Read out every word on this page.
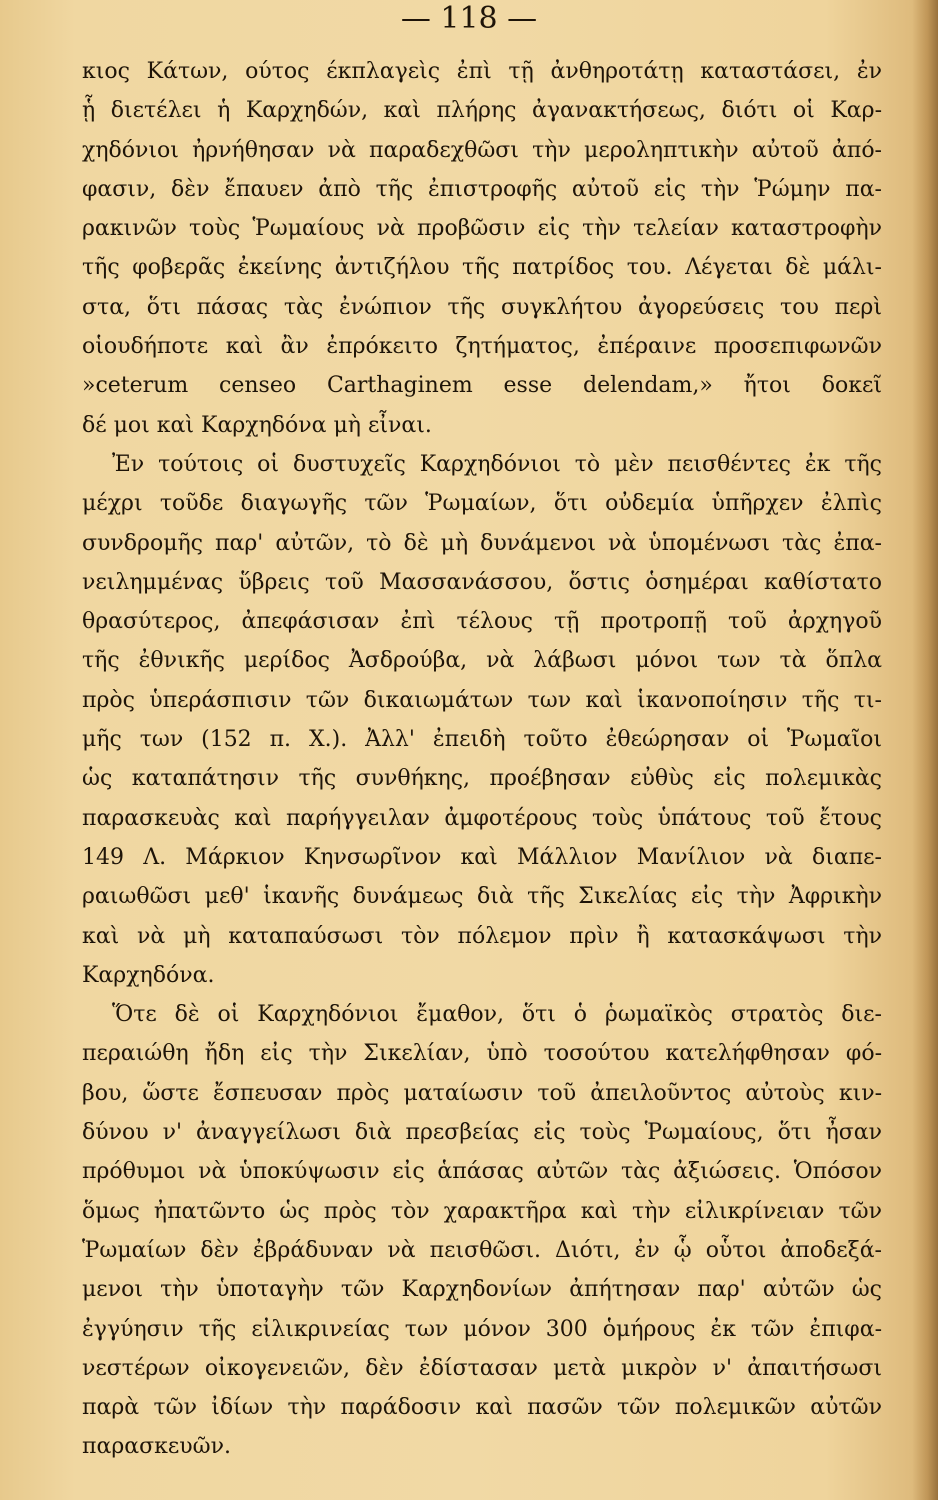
— 118 —
κιος Κάτων, ούτος έκπλαγεὶς ἐπὶ τῇ ἀνθηροτάτῃ καταστάσει, ἐν
ᾗ διετέλει ἡ Καρχηδών, καὶ πλήρης ἀγανακτήσεως, διότι οἱ Καρ-
χηδόνιοι ἠρνήθησαν νὰ παραδεχθῶσι τὴν μεροληπτικὴν αὐτοῦ ἀπό-
φασιν, δὲν ἔπαυεν ἀπὸ τῆς ἐπιστροφῆς αὐτοῦ εἰς τὴν Ῥώμην πα-
ρακινῶν τοὺς Ῥωμαίους νὰ προβῶσιν εἰς τὴν τελείαν καταστροφὴν
τῆς φοβερᾶς ἐκείνης ἀντιζήλου τῆς πατρίδος του. Λέγεται δὲ μάλι-
στα, ὅτι πάσας τὰς ἐνώπιον τῆς συγκλήτου ἀγορεύσεις του περὶ
οἱουδήποτε καὶ ἂν ἐπρόκειτο ζητήματος, ἐπέραινε προσεπιφωνῶν
»ceterum censeo Carthaginem esse delendam,» ἤτοι δοκεῖ
δέ μοι καὶ Καρχηδόνα μὴ εἶναι.
Ἐν τούτοις οἱ δυστυχεῖς Καρχηδόνιοι τὸ μὲν πεισθέντες ἐκ τῆς
μέχρι τοῦδε διαγωγῆς τῶν Ῥωμαίων, ὅτι οὐδεμία ὑπῆρχεν ἐλπὶς
συνδρομῆς παρ' αὐτῶν, τὸ δὲ μὴ δυνάμενοι νὰ ὑπομένωσι τὰς ἐπα-
νειλημμένας ὕβρεις τοῦ Μασσανάσσου, ὅστις ὁσημέραι καθίστατο
θρασύτερος, ἀπεφάσισαν ἐπὶ τέλους τῇ προτροπῇ τοῦ ἀρχηγοῦ
τῆς ἐθνικῆς μερίδος Ἀσδρούβα, νὰ λάβωσι μόνοι των τὰ ὅπλα
πρὸς ὑπεράσπισιν τῶν δικαιωμάτων των καὶ ἱκανοποίησιν τῆς τι-
μῆς των (152 π. Χ.). Ἀλλ' ἐπειδὴ τοῦτο ἐθεώρησαν οἱ Ῥωμαῖοι
ὡς καταπάτησιν τῆς συνθήκης, προέβησαν εὐθὺς εἰς πολεμικὰς
παρασκευὰς καὶ παρήγγειλαν ἀμφοτέρους τοὺς ὑπάτους τοῦ ἔτους
149 Λ. Μάρκιον Κηνσωρῖνον καὶ Μάλλιον Μανίλιον νὰ διαπε-
ραιωθῶσι μεθ' ἱκανῆς δυνάμεως διὰ τῆς Σικελίας εἰς τὴν Ἀφρικὴν
καὶ νὰ μὴ καταπαύσωσι τὸν πόλεμον πρὶν ἢ κατασκάψωσι τὴν
Καρχηδόνα.
Ὅτε δὲ οἱ Καρχηδόνιοι ἔμαθον, ὅτι ὁ ῥωμαϊκὸς στρατὸς διε-
περαιώθη ἤδη εἰς τὴν Σικελίαν, ὑπὸ τοσούτου κατελήφθησαν φό-
βου, ὥστε ἔσπευσαν πρὸς ματαίωσιν τοῦ ἀπειλοῦντος αὐτοὺς κιν-
δύνου ν' ἀναγγείλωσι διὰ πρεσβείας εἰς τοὺς Ῥωμαίους, ὅτι ἦσαν
πρόθυμοι νὰ ὑποκύψωσιν εἰς ἁπάσας αὐτῶν τὰς ἀξιώσεις. Ὁπόσον
ὅμως ἠπατῶντο ὡς πρὸς τὸν χαρακτῆρα καὶ τὴν εἰλικρίνειαν τῶν
Ῥωμαίων δὲν ἐβράδυναν νὰ πεισθῶσι. Διότι, ἐν ᾧ οὗτοι ἀποδεξά-
μενοι τὴν ὑποταγὴν τῶν Καρχηδονίων ἀπήτησαν παρ' αὐτῶν ὡς
ἐγγύησιν τῆς εἰλικρινείας των μόνον 300 ὁμήρους ἐκ τῶν ἐπιφα-
νεστέρων οἰκογενειῶν, δὲν ἐδίστασαν μετὰ μικρὸν ν' ἀπαιτήσωσι
παρὰ τῶν ἰδίων τὴν παράδοσιν καὶ πασῶν τῶν πολεμικῶν αὐτῶν
παρασκευῶν.
